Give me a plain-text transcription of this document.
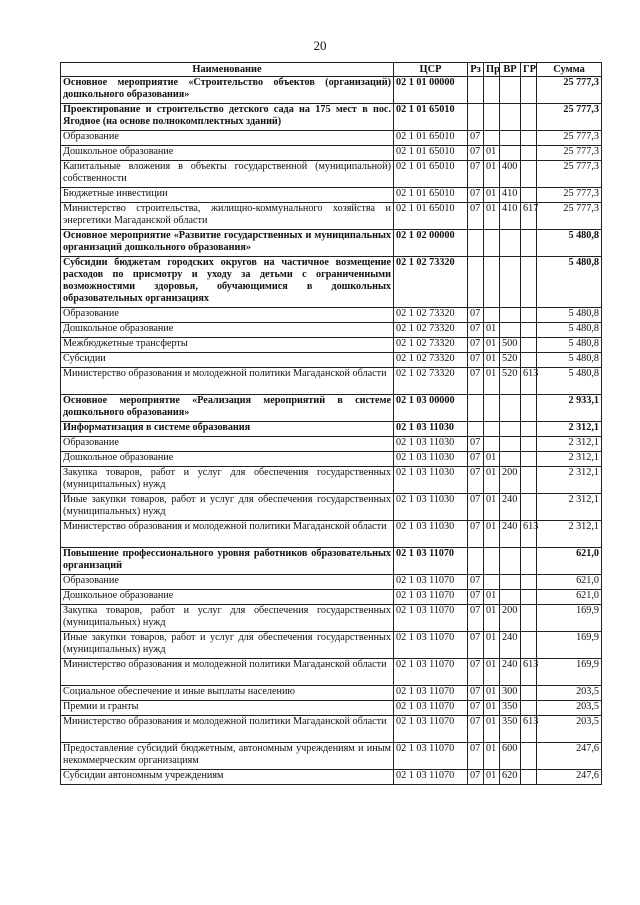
20
Наименование	ЦСР	Рз	Пр	ВР	ГР	Сумма
Основное мероприятие «Строительство объектов (организаций) дошкольного образования»	02 1 01 00000					25 777,3
Проектирование и строительство детского сада на 175 мест в пос. Ягодное (на основе полнокомплектных зданий)	02 1 01 65010					25 777,3
Образование	02 1 01 65010	07				25 777,3
Дошкольное образование	02 1 01 65010	07	01			25 777,3
Капитальные вложения в объекты государственной (муниципальной) собственности	02 1 01 65010	07	01	400		25 777,3
Бюджетные инвестиции	02 1 01 65010	07	01	410		25 777,3
Министерство строительства, жилищно-коммунального хозяйства и энергетики Магаданской области	02 1 01 65010	07	01	410	617	25 777,3
Основное мероприятие «Развитие государственных и муниципальных организаций дошкольного образования»	02 1 02 00000					5 480,8
Субсидии бюджетам городских округов на частичное возмещение расходов по присмотру и уходу за детьми с ограниченными возможностями здоровья, обучающимися в дошкольных образовательных организациях	02 1 02 73320					5 480,8
Образование	02 1 02 73320	07				5 480,8
Дошкольное образование	02 1 02 73320	07	01			5 480,8
Межбюджетные трансферты	02 1 02 73320	07	01	500		5 480,8
Субсидии	02 1 02 73320	07	01	520		5 480,8
Министерство образования и молодежной политики Магаданской области	02 1 02 73320	07	01	520	613	5 480,8
Основное мероприятие «Реализация мероприятий в системе дошкольного образования»	02 1 03 00000					2 933,1
Информатизация в системе образования	02 1 03 11030					2 312,1
Образование	02 1 03 11030	07				2 312,1
Дошкольное образование	02 1 03 11030	07	01			2 312,1
Закупка товаров, работ и услуг для обеспечения государственных (муниципальных) нужд	02 1 03 11030	07	01	200		2 312,1
Иные закупки товаров, работ и услуг для обеспечения государственных (муниципальных) нужд	02 1 03 11030	07	01	240		2 312,1
Министерство образования и молодежной политики Магаданской области	02 1 03 11030	07	01	240	613	2 312,1
Повышение профессионального уровня работников образовательных организаций	02 1 03 11070					621,0
Образование	02 1 03 11070	07				621,0
Дошкольное образование	02 1 03 11070	07	01			621,0
Закупка товаров, работ и услуг для обеспечения государственных (муниципальных) нужд	02 1 03 11070	07	01	200		169,9
Иные закупки товаров, работ и услуг для обеспечения государственных (муниципальных) нужд	02 1 03 11070	07	01	240		169,9
Министерство образования и молодежной политики Магаданской области	02 1 03 11070	07	01	240	613	169,9
Социальное обеспечение и иные выплаты населению	02 1 03 11070	07	01	300		203,5
Премии и гранты	02 1 03 11070	07	01	350		203,5
Министерство образования и молодежной политики Магаданской области	02 1 03 11070	07	01	350	613	203,5
Предоставление субсидий бюджетным, автономным учреждениям и иным некоммерческим организациям	02 1 03 11070	07	01	600		247,6
Субсидии автономным учреждениям	02 1 03 11070	07	01	620		247,6
